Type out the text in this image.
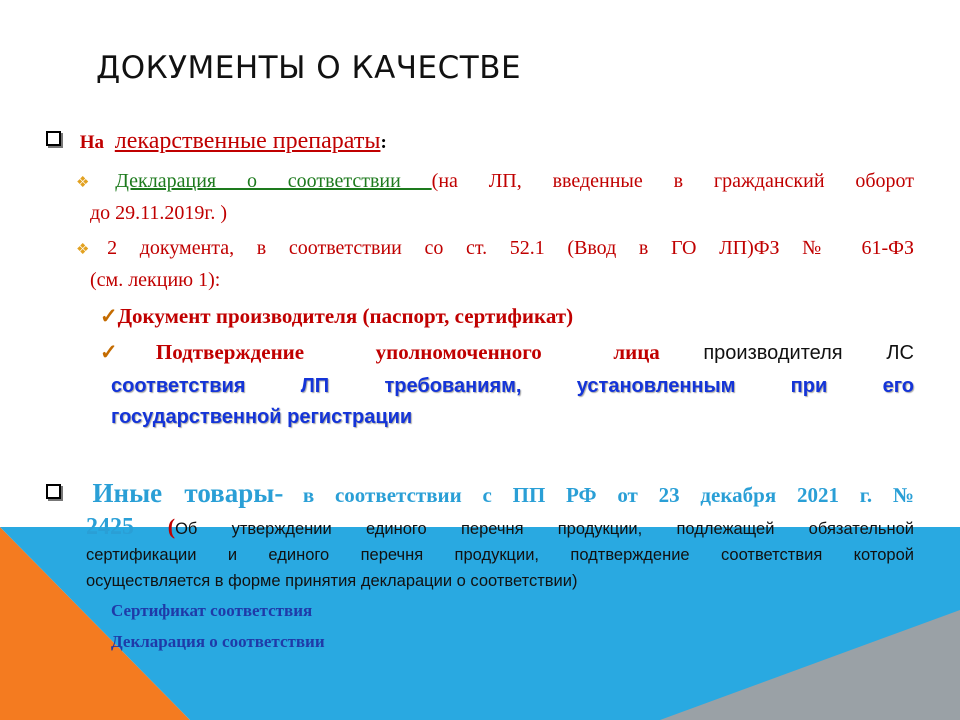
ДОКУМЕНТЫ О КАЧЕСТВЕ
На лекарственные препараты:
❖Декларация о соответствии (на ЛП, введенные в гражданский оборот
до 29.11.2019г. )
❖2 документа, в соответствии со ст. 52.1 (Ввод в ГО ЛП)ФЗ № 61-ФЗ
(см. лекцию 1):
✓Документ производителя (паспорт, сертификат)
✓Подтверждение уполномоченного лица производителя ЛС
соответствия ЛП требованиям, установленным при его
государственной регистрации
Иные товары- в соответствии с ПП РФ от 23 декабря 2021 г. №
2425 (Об утверждении единого перечня продукции, подлежащей обязательной
сертификации и единого перечня продукции, подтверждение соответствия которой
осуществляется в форме принятия декларации о соответствии)
Сертификат соответствия
Декларация о соответствии
